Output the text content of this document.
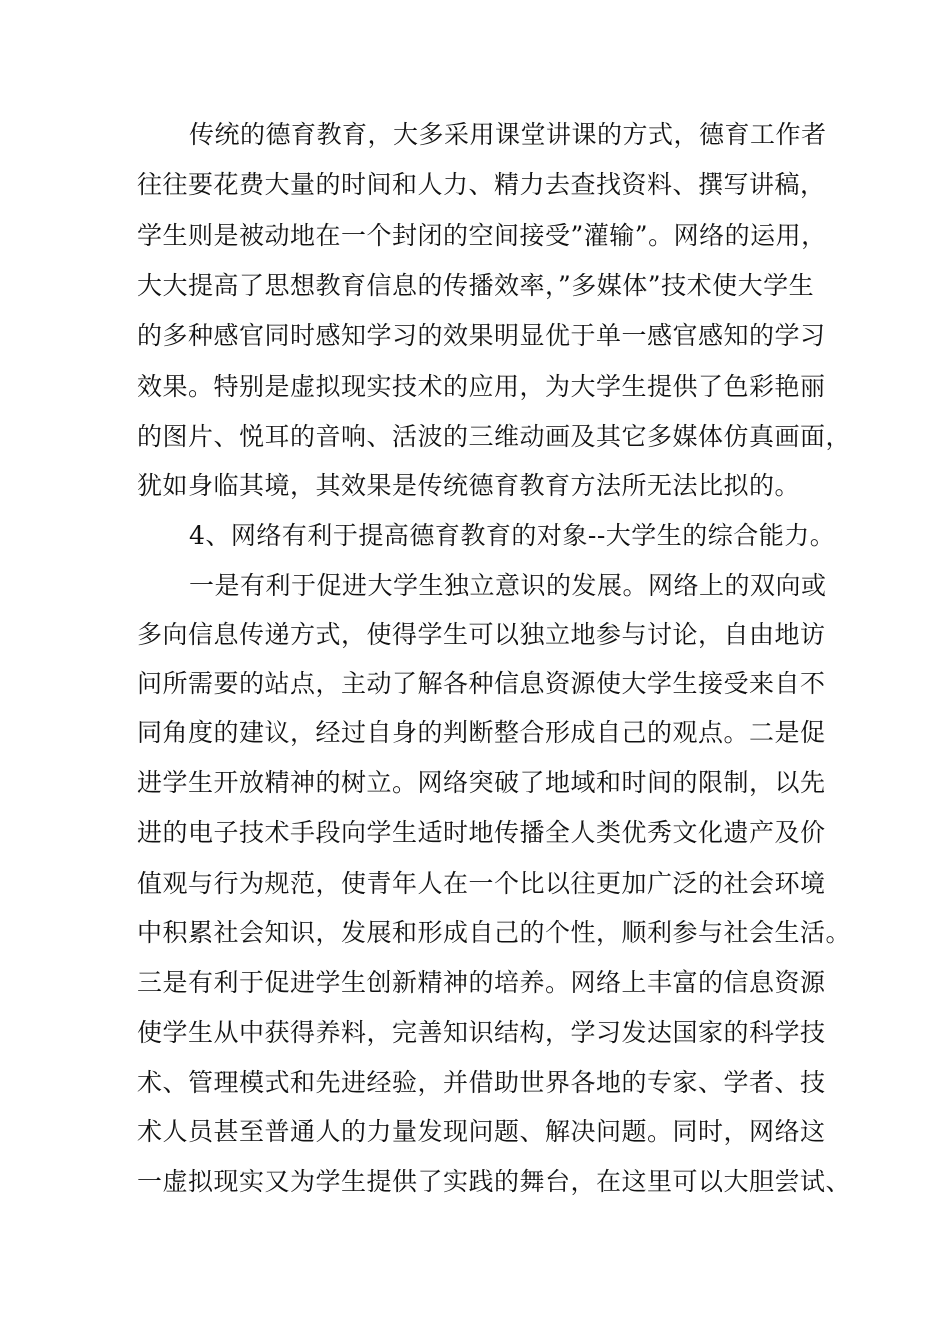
传统的德育教育，大多采用课堂讲课的方式，德育工作者
往往要花费大量的时间和人力、精力去查找资料、撰写讲稿，
学生则是被动地在一个封闭的空间接受”灌输”。网络的运用，
大大提高了思想教育信息的传播效率，”多媒体”技术使大学生
的多种感官同时感知学习的效果明显优于单一感官感知的学习
效果。特别是虚拟现实技术的应用，为大学生提供了色彩艳丽
的图片、悦耳的音响、活波的三维动画及其它多媒体仿真画面，
犹如身临其境，其效果是传统德育教育方法所无法比拟的。
4、网络有利于提高德育教育的对象--大学生的综合能力。
一是有利于促进大学生独立意识的发展。网络上的双向或
多向信息传递方式，使得学生可以独立地参与讨论，自由地访
问所需要的站点，主动了解各种信息资源使大学生接受来自不
同角度的建议，经过自身的判断整合形成自己的观点。二是促
进学生开放精神的树立。网络突破了地域和时间的限制，以先
进的电子技术手段向学生适时地传播全人类优秀文化遗产及价
值观与行为规范，使青年人在一个比以往更加广泛的社会环境
中积累社会知识，发展和形成自己的个性，顺利参与社会生活。
三是有利于促进学生创新精神的培养。网络上丰富的信息资源
使学生从中获得养料，完善知识结构，学习发达国家的科学技
术、管理模式和先进经验，并借助世界各地的专家、学者、技
术人员甚至普通人的力量发现问题、解决问题。同时，网络这
一虚拟现实又为学生提供了实践的舞台，在这里可以大胆尝试、
